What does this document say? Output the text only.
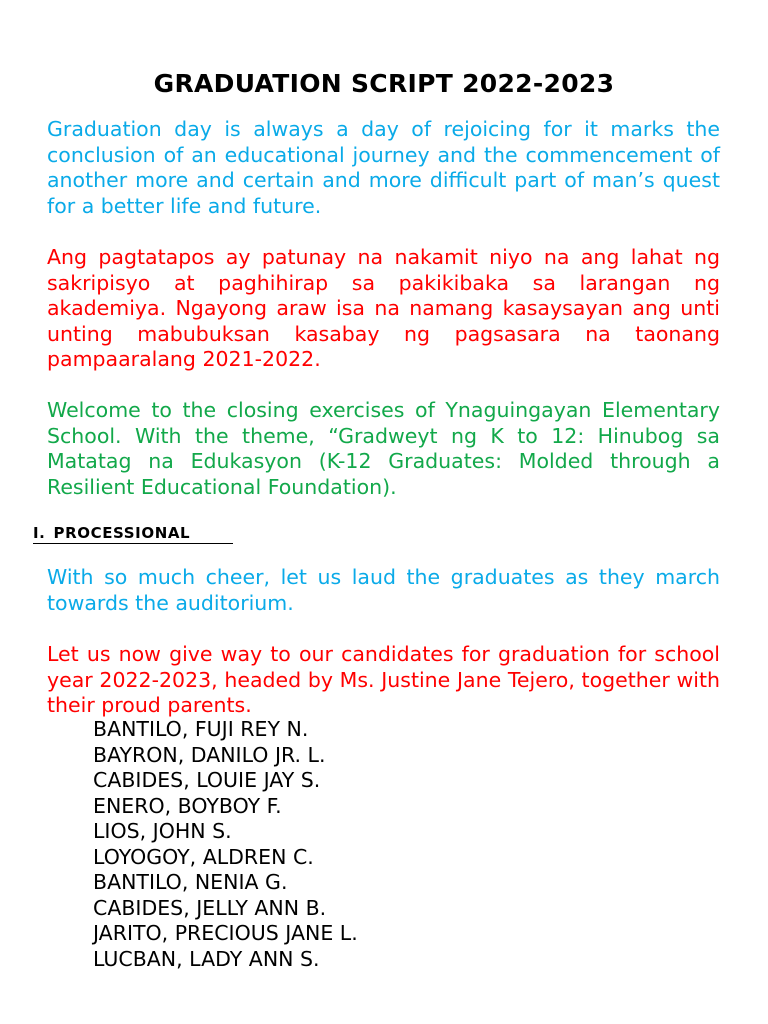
GRADUATION SCRIPT 2022-2023

Graduation day is always a day of rejoicing for it marks the conclusion of an educational journey and the commencement of another more and certain and more difficult part of man’s quest for a better life and future.

Ang pagtatapos ay patunay na nakamit niyo na ang lahat ng sakripisyo at paghihirap sa pakikibaka sa larangan ng akademiya. Ngayong araw isa na namang kasaysayan ang unti unting mabubuksan kasabay ng pagsasara na taonang pampaaralang 2021-2022.

Welcome to the closing exercises of Ynaguingayan Elementary School. With the theme, “Gradweyt ng K to 12: Hinubog sa Matatag na Edukasyon (K-12 Graduates: Molded through a Resilient Educational Foundation).

I. PROCESSIONAL

With so much cheer, let us laud the graduates as they march towards the auditorium.

Let us now give way to our candidates for graduation for school year 2022-2023, headed by Ms. Justine Jane Tejero, together with their proud parents.

BANTILO, FUJI REY N.
BAYRON, DANILO JR. L.
CABIDES, LOUIE JAY S.
ENERO, BOYBOY F.
LIOS, JOHN S.
LOYOGOY, ALDREN C.
BANTILO, NENIA G.
CABIDES, JELLY ANN B.
JARITO, PRECIOUS JANE L.
LUCBAN, LADY ANN S.
